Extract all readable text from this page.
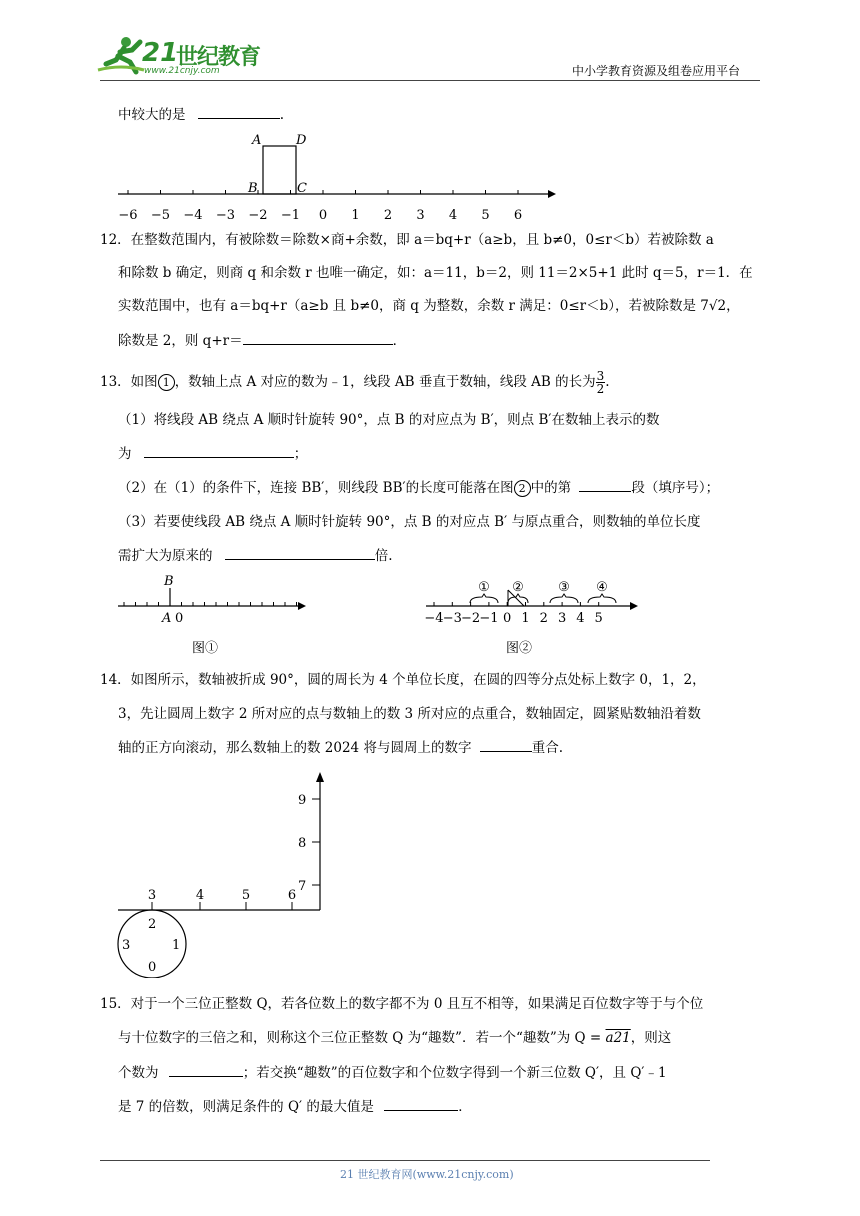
21
世纪教育
www.21cnjy.com	中小学教育资源及组卷应用平台
中较大的是	.
−6 −5 −4 −3 −2 −1 0 1 2 3 4 5 6
A	D
B	C
12．在整数范围内，有被除数＝除数×商+余数，即 a＝bq+r（a≥b，且 b≠0，0≤r＜b）若被除数 a
和除数 b 确定，则商 q 和余数 r 也唯一确定，如：a＝11，b＝2，则 11＝2×5+1 此时 q＝5，r＝1．在
实数范围中，也有 a＝bq+r（a≥b 且 b≠0，商 q 为整数，余数 r 满足：0≤r＜b），若被除数是 7√2，
除数是 2，则 q+r＝	．
13．如图 1 ，数轴上点 A 对应的数为﹣1，线段 AB 垂直于数轴，线段 AB 的长为 $\frac{3}{2}$ .
（1）将线段 AB 绕点 A 顺时针旋转 90°，点 B 的对应点为 B′，则点 B′在数轴上表示的数
为	；
（2）在（1）的条件下，连接 BB′，则线段 BB′的长度可能落在图 2 中的第	段（填序号）；
（3）若要使线段 AB 绕点 A 顺时针旋转 90°，点 B 的对应点 B′ 与原点重合，则数轴的单位长度
需扩大为原来的	倍.
B
A 0
图①
−4 −3 −2 −1 0 1 2 3 4 5
① ②	③ ④
图②
14．如图所示，数轴被折成 90°，圆的周长为 4 个单位长度，在圆的四等分点处标上数字 0，1，2，
3，先让圆周上数字 2 所对应的点与数轴上的数 3 所对应的点重合，数轴固定，圆紧贴数轴沿着数
轴的正方向滚动，那么数轴上的数 2024 将与圆周上的数字	重合.
3	4	5	6
7
8
9
2
1
0
3
15．对于一个三位正整数 Q，若各位数上的数字都不为 0 且互不相等，如果满足百位数字等于与个位
与十位数字的三倍之和，则称这个三位正整数 Q 为“趣数”．若一个“趣数”为 Q = a21，则这
个数为	；若交换“趣数”的百位数字和个位数字得到一个新三位数 Q′，且 Q′﹣1
是 7 的倍数，则满足条件的 Q′ 的最大值是	．
21 世纪教育网(www.21cnjy.com)
